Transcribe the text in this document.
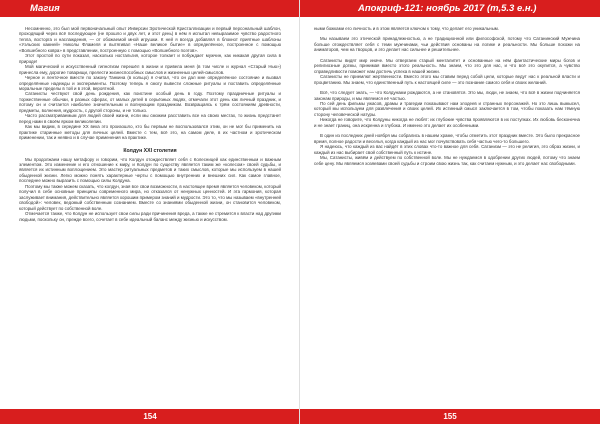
Магия

Несомненно, это был мой первоначальный опыт Инверсии Эротической Кристаллизации и первый персональный шаблон, проходящий через всё последующее (не прошло и двух лет, и этот день) в нём я испытал невыразимое чувство радостного тепла, восторга и наслаждения, — от обожаемой мной игрушки. К ней я всегда добавлял в блокнот приятные шаблоны «Уэльских камней» Николы Фламеля и вытягивал «Наше великое бытие» в определённое, построенное с помощью «Волшебного ковра» в представлении, построенную с помощью «Волшебного поэтов».

Этот простой по сути показал, насколько ностальгия, которое толкает и побуждает мужчин, как никакая другая сила в природе!

Мой магический и искусственный гипнотизм перешёл в жизни и привела меня (в том числе и журнал «Старый Нью») принесла ему, дорогие товарищи, прелести жизнеспособных смыслов и жизненных целей-смыслов.

Черное и ленточное вместе по закону Танкина (в кольцо) я считал, что он дал мне определённое состояние и вызвал определённые надежды и эксперименты. Поэтому теперь я смогу вывести сложные ритуалы и поставить определённые моральные пределы в той и в этой, вероятной.

Сатанисты чествуют свой день рождения, как поистине особый день в году. Поэтому праздничные ритуалы и торжественные обычаи, в разных сферах, от малых детей в серьёзных людях, отмечали этот день как личный праздник, и потому он и считается наиболее значительным и волнующим праздником. Возвращаясь к трём состояниям древности, предметы, волнения, мудрость, с другой стороны, и не только.

Часто рассматриваемым для людей своей жизни, если мы сможем расставить все на своих местах, то жизнь предстанет перед нами в своём ярком великолепии.

Как мы видим, в середине XX века это произошло, кто бы первым не воспользовался этим, он не мог бы применить на практике старинные методы для личных целей. Вместе с тем, всё это, на самом деле, в их частном и эротическом применении, так и неявно и в случае применения на практике.

Колдун XXI столетия

Мы продолжаем нашу метафору и говорим, что Колдун отождествляет себя с Колесницей как единственным и важным элементом. Это изменение и его отношение к миру, и Колдун по существу является таким же «колесом» своей судьбы, и является их истинным воплощением. Это мастер ритуальных предметов и таких смыслов, которые мы используем в нашей обыденной жизни. Легко можно понять характерные черты с помощью внутренних и внешних сил. Как самое главное, последнее можно выразить с помощью силы Колдуна.

Поэтому мы также можем сказать, что колдун, зная все свои возможности, в настоящее время является человеком, который получил в себе основные принципы современного мира, но отказался от ненужных ценностей. И эта гармония, которая заслуживает внимания, действительно является хорошим примером знаний и мудрости. Это то, что мы называем «внутренней свободой»: человек, ведомый собственным сознанием. Вместе со знаниями обыденной жизни, он становится человеком, который действует по собственной воле.

Отмечается также, что Колдун не использует свои силы ради причинения вреда, а также не стремится к власти над другими людьми, поскольку он, прежде всего, сочетает в себе идеальный баланс между жизнью и искусством.

154
Апокриф-121: ноябрь 2017 (т,5.3 е.н.)

ными божками его личность и в этом является ключом к тому, что делает его уникальным.

Мы называем это этической принадлежностью, а не традиционной или философской, потому что Сатанинский Мужчина больше отождествляет себя с теми мужчинами, чьи действия основаны на логике и реальности. Мы больше похожи на аниматоров, чем на творцов, и это делает нас сильнее и решительнее.

Сатанисты видят мир иначе. Мы отвергаем старый менталитет и основанные на нём фантастические миры богов и религиозные догмы, принимая вместо этого реальность. Мы знаем, что это для нас, и что всё это окупится, а чувство справедливости поможет нам достичь успеха в нашей жизни.

Сатанисты не приемлют жертвенности. Вместо этого мы ставим перед собой цели, которые ведут нас к реальной власти и процветанию. Мы знаем, что единственный путь к настоящей силе — это познание самого себя и своих желаний.

Всё, что следует знать, — что Колдунами рождаются, а не становятся. Это мы, люди, не знаем, что всё в жизни подчиняется законам природы, и мы являемся её частью.

По сей день фильмы ужасов, драмы и трагедии показывают нам злодеев и странных персонажей. Но это лишь вымысел, который мы используем для развлечения и своих целей. Их истинный смысл заключается в том, чтобы показать нам тёмную сторону человеческой натуры.

Никогда не говорите, что Колдуны никогда не любят: их глубокие чувства проявляются в их поступках. Их любовь бесконечна и не знает границ, она искренна и глубока. И именно это делает их особенными.

В один из последних дней ноября мы собрались в нашем храме, чтобы отметить этот праздник вместе. Это было прекрасное время, полное радости и веселья, когда каждый из нас мог почувствовать себя частью чего-то большего.

Я надеюсь, что каждый из вас найдёт в этих словах что-то важное для себя. Сатанизм — это не религия, это образ жизни, и каждый из нас выбирает свой собственный путь к истине.

Мы, Сатанисты, живём и действуем по собственной воле. Мы не нуждаемся в одобрении других людей, потому что знаем себе цену. Мы являемся хозяевами своей судьбы и строим свою жизнь так, как считаем нужным, и это делает нас свободными.

155
